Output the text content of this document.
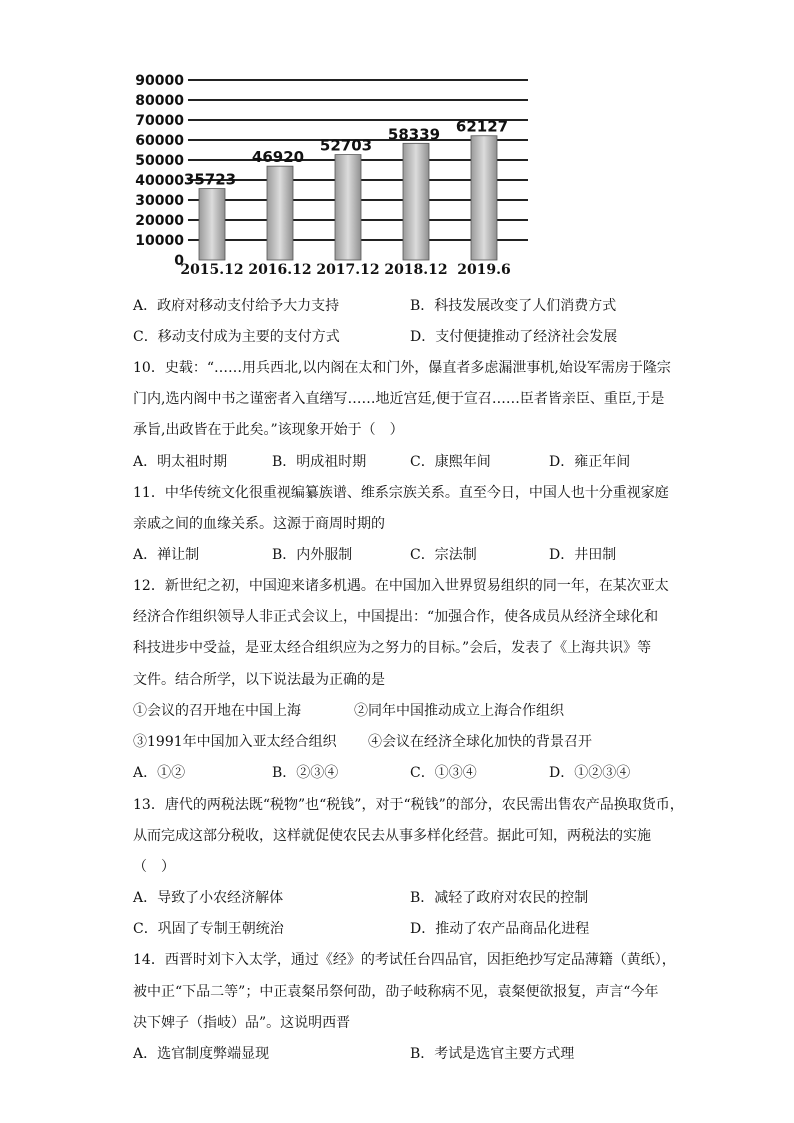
90000
80000
70000
60000
50000
40000
30000
20000
10000
0
2015.12 2016.12 2017.12 2018.12 2019.6
35723
46920
52703
58339 62127
A．政府对移动支付给予大力支持	B．科技发展改变了人们消费方式
C．移动支付成为主要的支付方式	D．支付便捷推动了经济社会发展
10．史载：“……用兵西北,以内阁在太和门外，儤直者多虑漏泄事机,始设军需房于隆宗
门内,选内阁中书之谨密者入直缮写……地近宫廷,便于宣召……臣者皆亲臣、重臣,于是
承旨,出政皆在于此矣。”该现象开始于（　）
A．明太祖时期	B．明成祖时期	C．康熙年间	D．雍正年间
11．中华传统文化很重视编纂族谱、维系宗族关系。直至今日，中国人也十分重视家庭
亲戚之间的血缘关系。这源于商周时期的
A．禅让制	B．内外服制	C．宗法制	D．井田制
12．新世纪之初，中国迎来诸多机遇。在中国加入世界贸易组织的同一年，在某次亚太
经济合作组织领导人非正式会议上，中国提出：“加强合作，使各成员从经济全球化和
科技进步中受益，是亚太经合组织应为之努力的目标。”会后，发表了《上海共识》等
文件。结合所学，以下说法最为正确的是
①会议的召开地在中国上海	②同年中国推动成立上海合作组织
③1991年中国加入亚太经合组织 ④会议在经济全球化加快的背景召开
A．①②	B．②③④	C．①③④	D．①②③④
13．唐代的两税法既“税物”也“税钱”，对于“税钱”的部分，农民需出售农产品换取货币，
从而完成这部分税收，这样就促使农民去从事多样化经营。据此可知，两税法的实施
（　）
A．导致了小农经济解体	B．减轻了政府对农民的控制
C．巩固了专制王朝统治	D．推动了农产品商品化进程
14．西晋时刘卞入太学，通过《经》的考试任台四品官，因拒绝抄写定品薄籍（黄纸），
被中正“下品二等”；中正袁粲吊祭何劭，劭子岐称病不见，袁粲便欲报复，声言“今年
决下婢子（指岐）品”。这说明西晋
A．选官制度弊端显现	B．考试是选官主要方式理
